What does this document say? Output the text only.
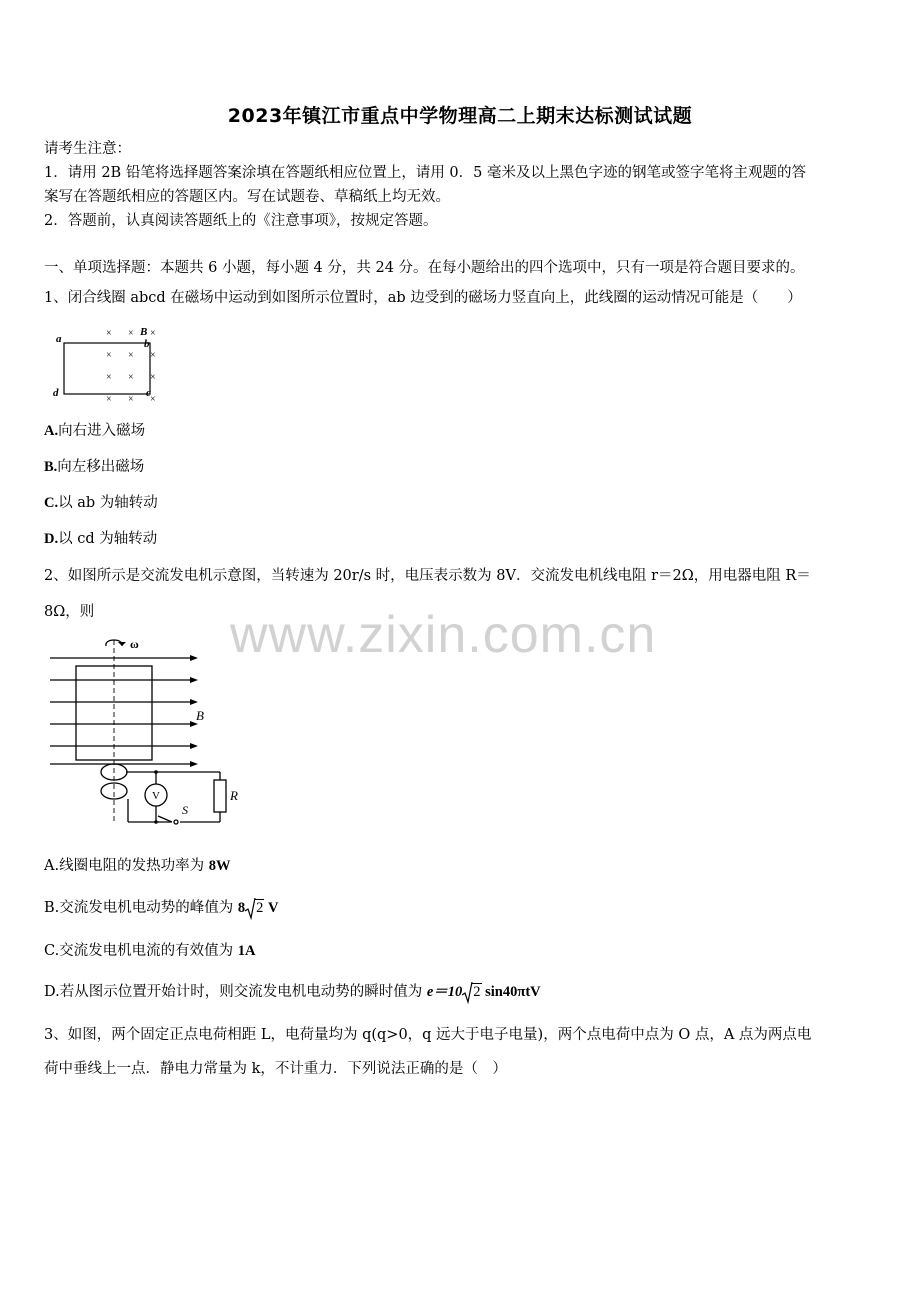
2023年镇江市重点中学物理高二上期末达标测试试题
请考生注意：
1．请用 2B 铅笔将选择题答案涂填在答题纸相应位置上，请用 0．5 毫米及以上黑色字迹的钢笔或签字笔将主观题的答
案写在答题纸相应的答题区内。写在试题卷、草稿纸上均无效。
2．答题前，认真阅读答题纸上的《注意事项》，按规定答题。
一、单项选择题：本题共 6 小题，每小题 4 分，共 24 分。在每小题给出的四个选项中，只有一项是符合题目要求的。
1、闭合线圈 abcd 在磁场中运动到如图所示位置时，ab 边受到的磁场力竖直向上，此线圈的运动情况可能是（　　）
× × ×
× × ×
× × ×
× × ×
a	b
c
d
B
A.向右进入磁场
B.向左移出磁场
C.以 ab 为轴转动
D.以 cd 为轴转动
2、如图所示是交流发电机示意图，当转速为 20r/s 时，电压表示数为 8V．交流发电机线电阻 r＝2Ω，用电器电阻 R＝
8Ω，则	www.zixin.com.cn
ω
B
V
S
R
A.线圈电阻的发热功率为 8W
B.交流发电机电动势的峰值为 8 2 V
C.交流发电机电流的有效值为 1A
D.若从图示位置开始计时，则交流发电机电动势的瞬时值为 e＝10 2 sin40πtV
3、如图，两个固定正点电荷相距 L，电荷量均为 q(q>0，q 远大于电子电量)，两个点电荷中点为 O 点，A 点为两点电
荷中垂线上一点．静电力常量为 k，不计重力．下列说法正确的是（　）
